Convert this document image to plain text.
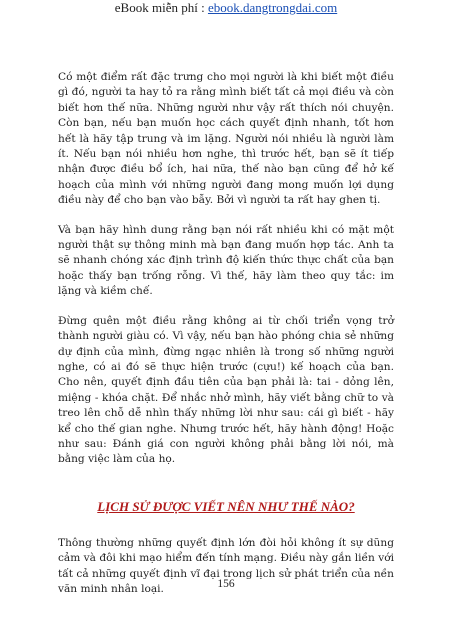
eBook miễn phí : ebook.dangtrongdai.com

Có một điểm rất đặc trưng cho mọi người là khi biết một điều gì đó, người ta hay tỏ ra rằng mình biết tất cả mọi điều và còn biết hơn thế nữa. Những người như vậy rất thích nói chuyện. Còn bạn, nếu bạn muốn học cách quyết định nhanh, tốt hơn hết là hãy tập trung và im lặng. Người nói nhiều là người làm ít. Nếu bạn nói nhiều hơn nghe, thì trước hết, bạn sẽ ít tiếp nhận được điều bổ ích, hai nữa, thế nào bạn cũng để hở kế hoạch của mình với những người đang mong muốn lợi dụng điều này để cho bạn vào bẫy. Bởi vì người ta rất hay ghen tị.

Và bạn hãy hình dung rằng bạn nói rất nhiều khi có mặt một người thật sự thông minh mà bạn đang muốn hợp tác. Anh ta sẽ nhanh chóng xác định trình độ kiến thức thực chất của bạn hoặc thấy bạn trống rỗng. Vì thế, hãy làm theo quy tắc: im lặng và kiềm chế.

Đừng quên một điều rằng không ai từ chối triển vọng trở thành người giàu có. Vì vậy, nếu bạn hào phóng chia sẻ những dự định của mình, đừng ngạc nhiên là trong số những người nghe, có ai đó sẽ thực hiện trước (cựu!) kế hoạch của bạn. Cho nên, quyết định đầu tiên của bạn phải là: tai - dỏng lên, miệng - khóa chặt. Để nhắc nhở mình, hãy viết bằng chữ to và treo lên chỗ dễ nhìn thấy những lời như sau: cái gì biết - hãy kể cho thế gian nghe. Nhưng trước hết, hãy hành động! Hoặc như sau: Đánh giá con người không phải bằng lời nói, mà bằng việc làm của họ.

LỊCH SỬ ĐƯỢC VIẾT NÊN NHƯ THẾ NÀO?

Thông thường những quyết định lớn đòi hỏi không ít sự dũng cảm và đôi khi mạo hiểm đến tính mạng. Điều này gắn liền với tất cả những quyết định vĩ đại trong lịch sử phát triển của nền văn minh nhân loại.	156
